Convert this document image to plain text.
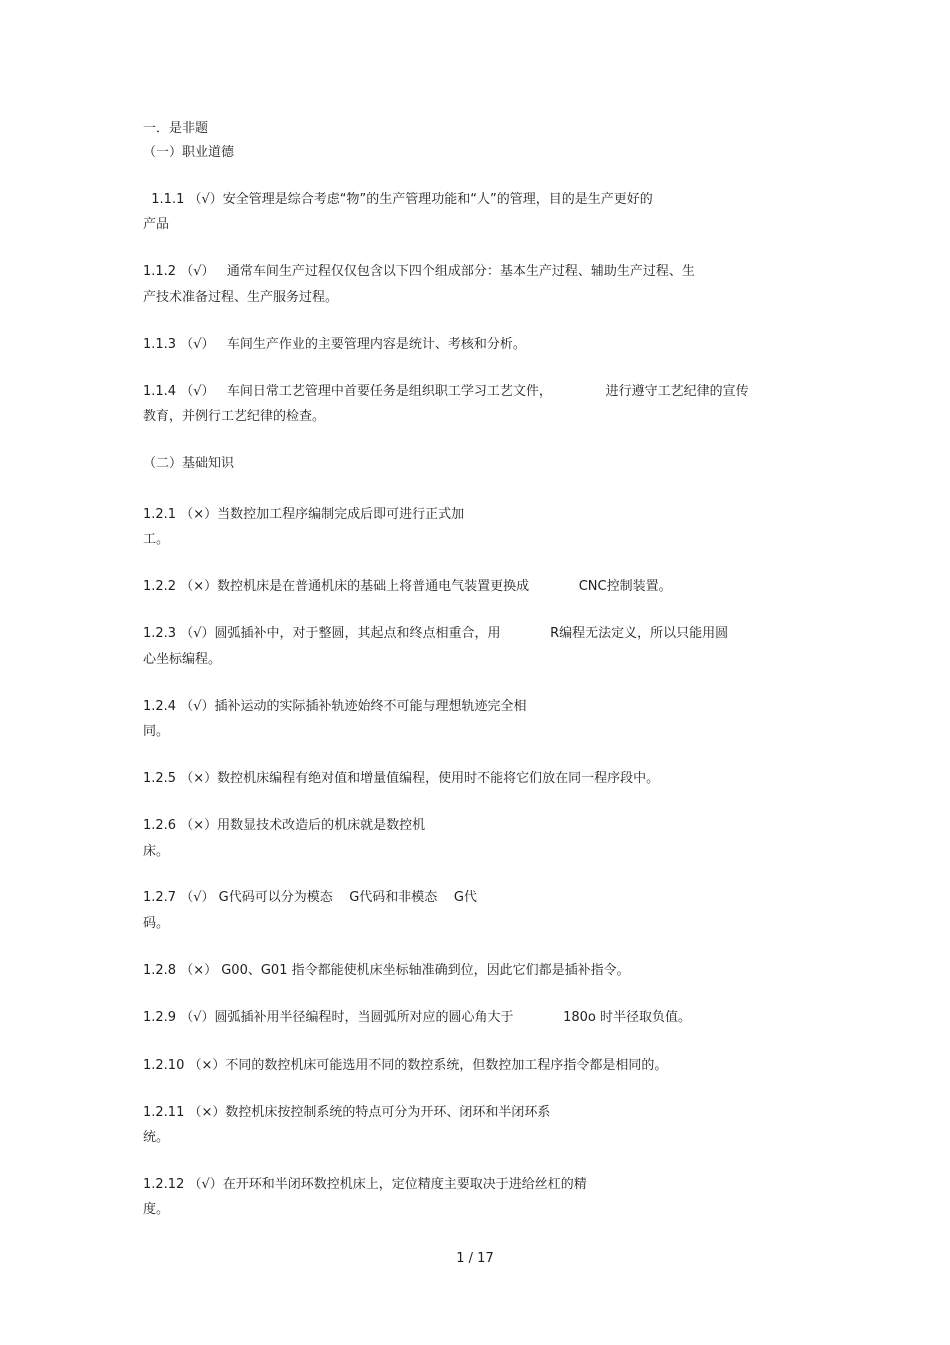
一．是非题
（一）职业道德
1.1.1 （√）安全管理是综合考虑“物”的生产管理功能和“人”的管理，目的是生产更好的
产品
1.1.2 （√）   通常车间生产过程仅仅包含以下四个组成部分：基本生产过程、辅助生产过程、生
产技术准备过程、生产服务过程。
1.1.3 （√）   车间生产作业的主要管理内容是统计、考核和分析。
1.1.4 （√）   车间日常工艺管理中首要任务是组织职工学习工艺文件，             进行遵守工艺纪律的宣传
教育，并例行工艺纪律的检查。
（二）基础知识
1.2.1 （×）当数控加工程序编制完成后即可进行正式加
工。
1.2.2 （×）数控机床是在普通机床的基础上将普通电气装置更换成            CNC控制装置。
1.2.3 （√）圆弧插补中，对于整圆，其起点和终点相重合，用            R编程无法定义，所以只能用圆
心坐标编程。
1.2.4 （√）插补运动的实际插补轨迹始终不可能与理想轨迹完全相
同。
1.2.5 （×）数控机床编程有绝对值和增量值编程，使用时不能将它们放在同一程序段中。
1.2.6 （×）用数显技术改造后的机床就是数控机
床。
1.2.7 （√） G代码可以分为模态    G代码和非模态    G代
码。
1.2.8 （×） G00、G01 指令都能使机床坐标轴准确到位，因此它们都是插补指令。
1.2.9 （√）圆弧插补用半径编程时，当圆弧所对应的圆心角大于            180o 时半径取负值。
1.2.10 （×）不同的数控机床可能选用不同的数控系统，但数控加工程序指令都是相同的。
1.2.11 （×）数控机床按控制系统的特点可分为开环、闭环和半闭环系
统。
1.2.12 （√）在开环和半闭环数控机床上，定位精度主要取决于进给丝杠的精
度。
1 / 17
